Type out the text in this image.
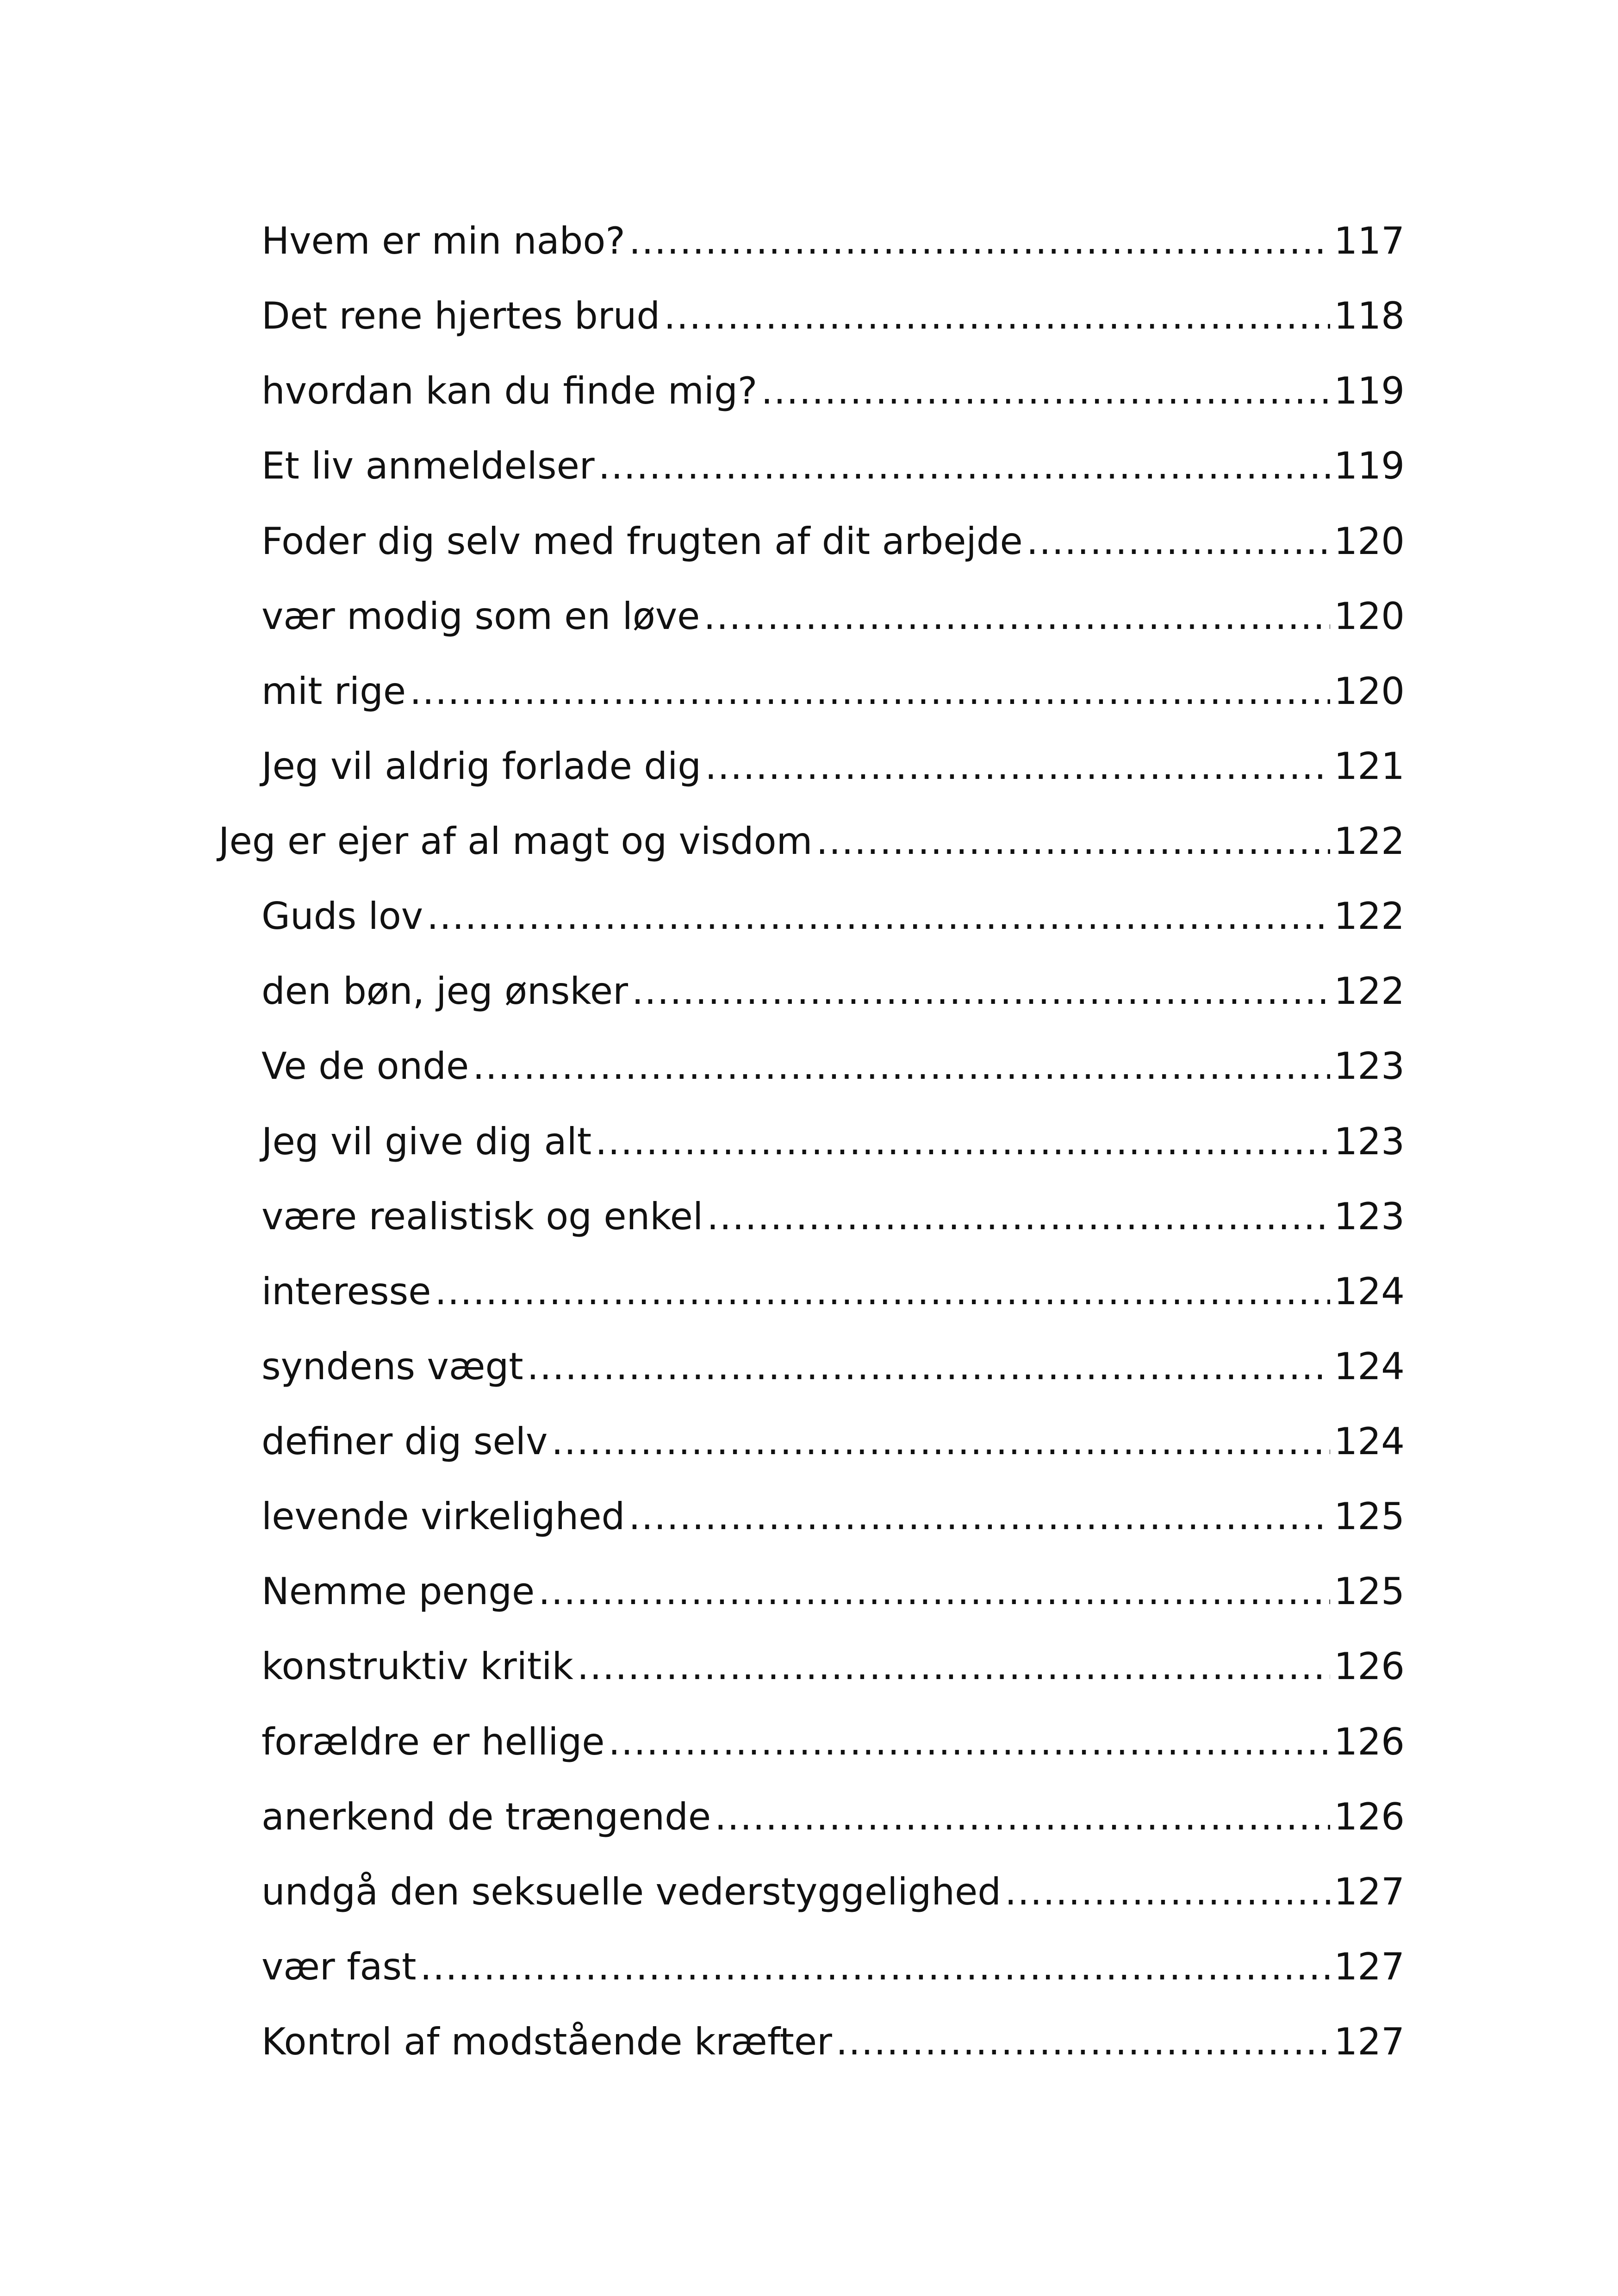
Hvem er min nabo? .....	117
Det rene hjertes brud .....	118
hvordan kan du finde mig? .....	119
Et liv anmeldelser .....	119
Foder dig selv med frugten af dit arbejde .....	120
vær modig som en løve .....	120
mit rige .....	120
Jeg vil aldrig forlade dig .....	121
Jeg er ejer af al magt og visdom .....	122
Guds lov .....	122
den bøn, jeg ønsker .....	122
Ve de onde .....	123
Jeg vil give dig alt .....	123
være realistisk og enkel .....	123
interesse .....	124
syndens vægt .....	124
definer dig selv .....	124
levende virkelighed .....	125
Nemme penge .....	125
konstruktiv kritik .....	126
forældre er hellige .....	126
anerkend de trængende .....	126
undgå den seksuelle vederstyggelighed .....	127
vær fast .....	127
Kontrol af modstående kræfter .....	127
